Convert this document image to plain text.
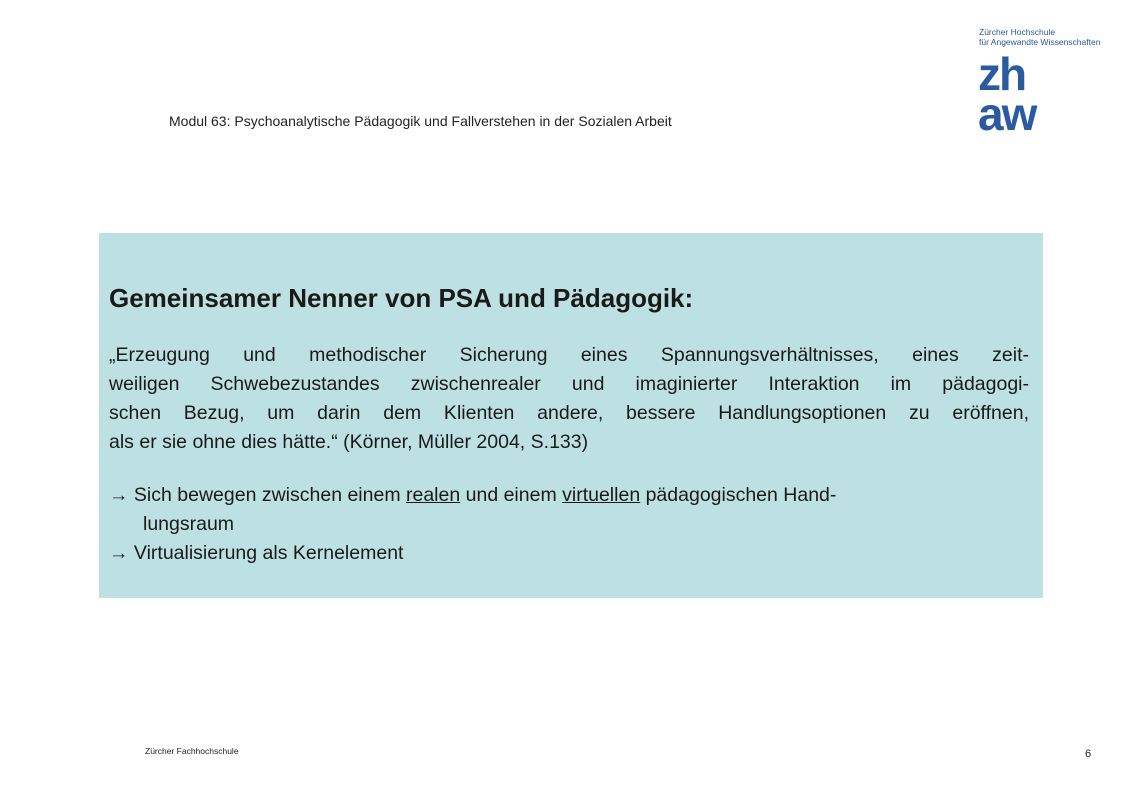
Modul 63: Psychoanalytische Pädagogik und Fallverstehen in der Sozialen Arbeit
Zürcher Hochschule
für Angewandte Wissenschaften
zh
aw
Gemeinsamer Nenner von PSA und Pädagogik:
„Erzeugung und methodischer Sicherung eines Spannungsverhältnisses, eines zeit-
weiligen Schwebezustandes zwischenrealer und imaginierter Interaktion im pädagogi-
schen Bezug, um darin dem Klienten andere, bessere Handlungsoptionen zu eröffnen,
als er sie ohne dies hätte.“ (Körner, Müller 2004, S.133)
→ Sich bewegen zwischen einem realen und einem virtuellen pädagogischen Hand-
lungsraum
→ Virtualisierung als Kernelement
Zürcher Fachhochschule	6
